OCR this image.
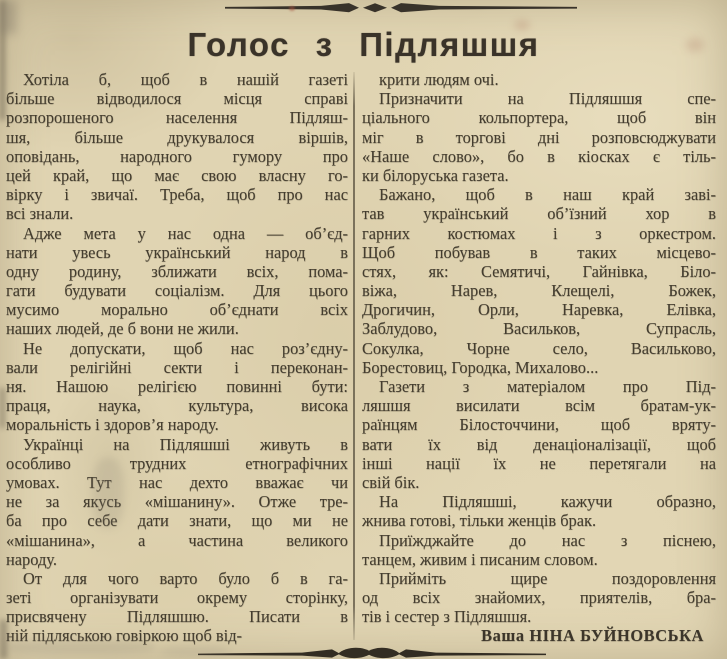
Голос з Підляшшя
Хотіла б, щоб в нашій газеті
більше відводилося місця справі
розпорошеного населення Підляш-
шя, більше друкувалося віршів,
оповідань, народного гумору про
цей край, що має свою власну го-
вірку і звичаї. Треба, щоб про нас
всі знали.
Адже мета у нас одна — об’єд-
нати увесь український народ в
одну родину, зближати всіх, пома-
гати будувати соціалізм. Для цього
мусимо морально об’єднати всіх
наших людей, де б вони не жили.
Не допускати, щоб нас роз’єдну-
вали релігійні секти і переконан-
ня. Нашою релігією повинні бути:
праця, наука, культура, висока
моральність і здоров’я народу.
Українці на Підляшші живуть в
особливо трудних етнографічних
умовах. Тут нас дехто вважає чи
не за якусь «мішанину». Отже тре-
ба про себе дати знати, що ми не
«мішанина», а частина великого
народу.
От для чого варто було б в га-
зеті організувати окрему сторінку,
присвячену Підляшшю. Писати в
ній підляською говіркою щоб від-
крити людям очі.
Призначити на Підляшшя спе-
ціального кольпортера, щоб він
міг в торгові дні розповсюджувати
«Наше слово», бо в кіосках є тіль-
ки білоруська газета.
Бажано, щоб в наш край заві-
тав український об’їзний хор в
гарних костюмах і з оркестром.
Щоб побував в таких місцево-
стях, як: Семятичі, Гайнівка, Біло-
віжа, Нарев, Клещелі, Божек,
Дрогичин, Орли, Наревка, Елівка,
Заблудово, Васильков, Супрасль,
Сокулка, Чорне село, Васильково,
Борестовиц, Городка, Михалово...
Газети з матеріалом про Під-
ляшшя висилати всім братам-ук-
раїнцям Білосточчини, щоб вряту-
вати їх від денаціоналізації, щоб
інші нації їх не перетягали на
свій бік.
На Підляшші, кажучи образно,
жнива готові, тільки женців брак.
Приїжджайте до нас з піснею,
танцем, живим і писаним словом.
Прийміть щире поздоровлення
од всіх знайомих, приятелів, бра-
тів і сестер з Підляшшя.
Ваша НІНА БУЙНОВСЬКА
